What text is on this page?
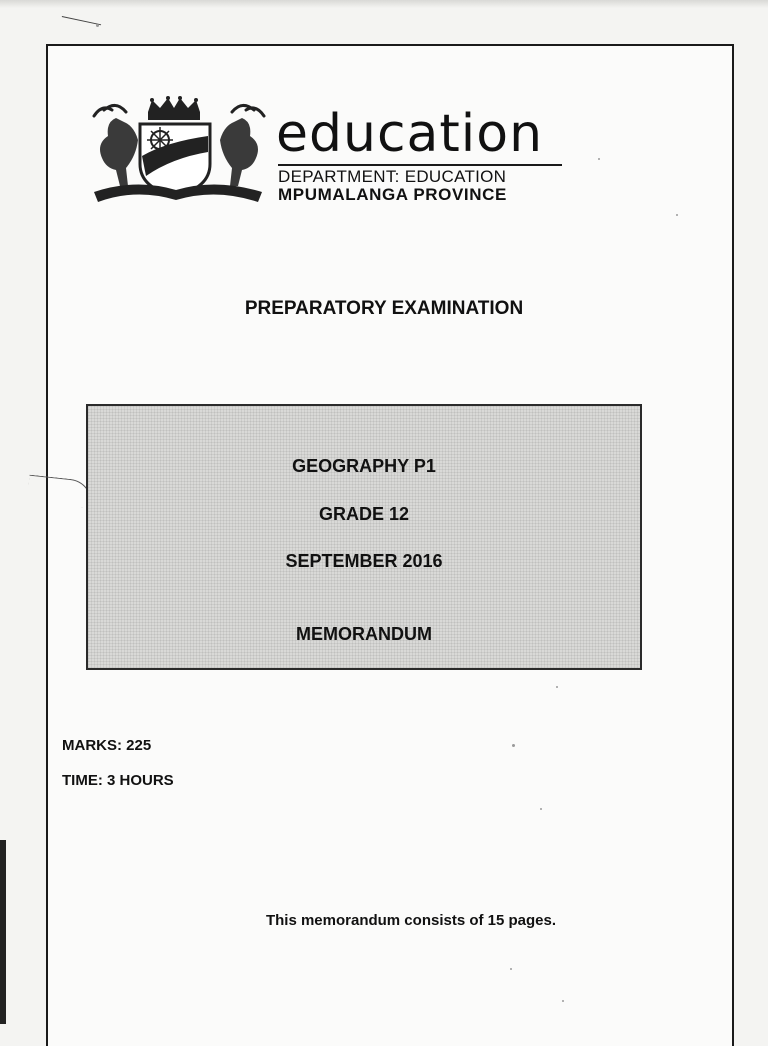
education
DEPARTMENT: EDUCATION
MPUMALANGA PROVINCE
PREPARATORY EXAMINATION
GEOGRAPHY P1
GRADE 12
SEPTEMBER 2016
MEMORANDUM
MARKS: 225
TIME: 3 HOURS
This memorandum consists of 15 pages.
